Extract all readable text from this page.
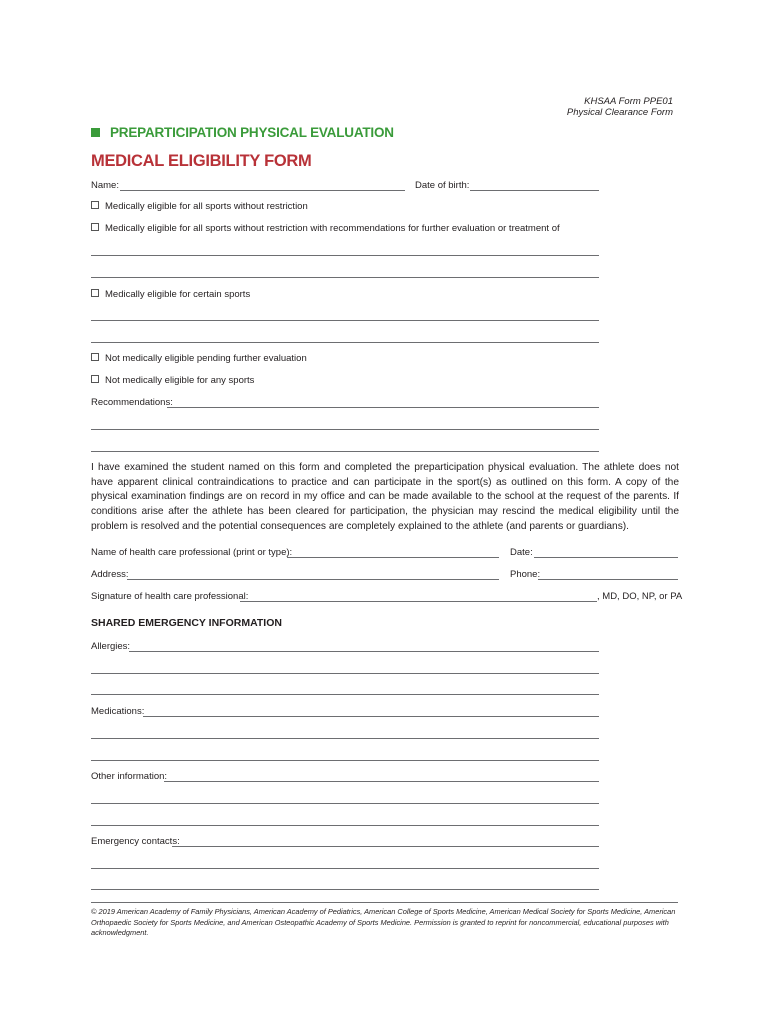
KHSAA Form PPE01
Physical Clearance Form
PREPARTICIPATION PHYSICAL EVALUATION
MEDICAL ELIGIBILITY FORM
Name:	Date of birth:
Medically eligible for all sports without restriction
Medically eligible for all sports without restriction with recommendations for further evaluation or treatment of
Medically eligible for certain sports
Not medically eligible pending further evaluation
Not medically eligible for any sports
Recommendations:
I have examined the student named on this form and completed the preparticipation physical evaluation. The athlete does not have apparent clinical contraindications to practice and can participate in the sport(s) as outlined on this form. A copy of the physical examination findings are on record in my office and can be made available to the school at the request of the parents. If conditions arise after the athlete has been cleared for participation, the physician may rescind the medical eligibility until the problem is resolved and the potential consequences are completely explained to the athlete (and parents or guardians).
Name of health care professional (print or type):	Date:
Address:	Phone:
Signature of health care professional:	, MD, DO, NP, or PA
SHARED EMERGENCY INFORMATION
Allergies:
Medications:
Other information:
Emergency contacts:
© 2019 American Academy of Family Physicians, American Academy of Pediatrics, American College of Sports Medicine, American Medical Society for Sports Medicine, American Orthopaedic Society for Sports Medicine, and American Osteopathic Academy of Sports Medicine. Permission is granted to reprint for noncommercial, educational purposes with acknowledgment.
